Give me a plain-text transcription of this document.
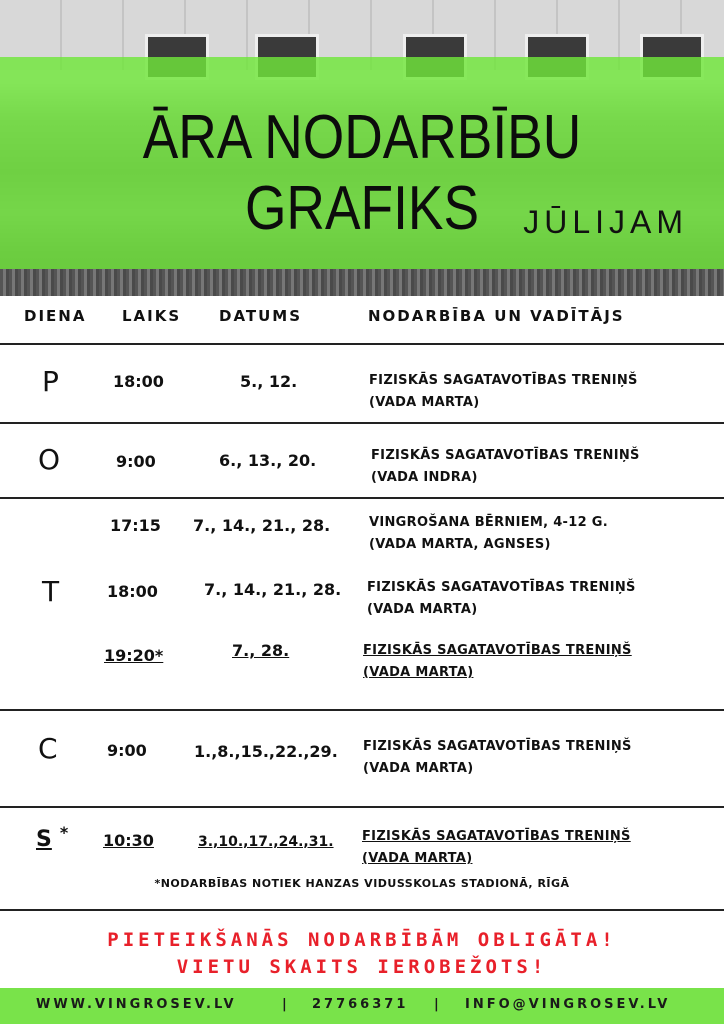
ĀRA NODARBĪBU GRAFIKS	JŪLIJAM
DIENA LAIKS	DATUMS	NODARBĪBA UN VADĪTĀJS
P	18:00	5., 12.	FIZISKĀS SAGATAVOTĪBAS TRENIŅŠ
(VADA MARTA)
O	9:00	6., 13., 20.	FIZISKĀS SAGATAVOTĪBAS TRENIŅŠ
(VADA INDRA)
T
17:15 7., 14., 21., 28.	VINGROŠANA BĒRNIEM, 4-12 G.
(VADA MARTA, AGNSES)
18:00	7., 14., 21., 28. FIZISKĀS SAGATAVOTĪBAS TRENIŅŠ
(VADA MARTA)
19:20*	7., 28.	FIZISKĀS SAGATAVOTĪBAS TRENIŅŠ
(VADA MARTA)
C	9:00	1.,8.,15.,22.,29. FIZISKĀS SAGATAVOTĪBAS TRENIŅŠ
(VADA MARTA)
S * 10:30	3.,10.,17.,24.,31. FIZISKĀS SAGATAVOTĪBAS TRENIŅŠ
(VADA MARTA)
*NODARBĪBAS NOTIEK HANZAS VIDUSSKOLAS STADIONĀ, RĪGĀ
PIETEIKŠANĀS NODARBĪBĀM OBLIGĀTA!
VIETU SKAITS IEROBEŽOTS!
WWW.VINGROSEV.LV	| 27766371 | INFO@VINGROSEV.LV
